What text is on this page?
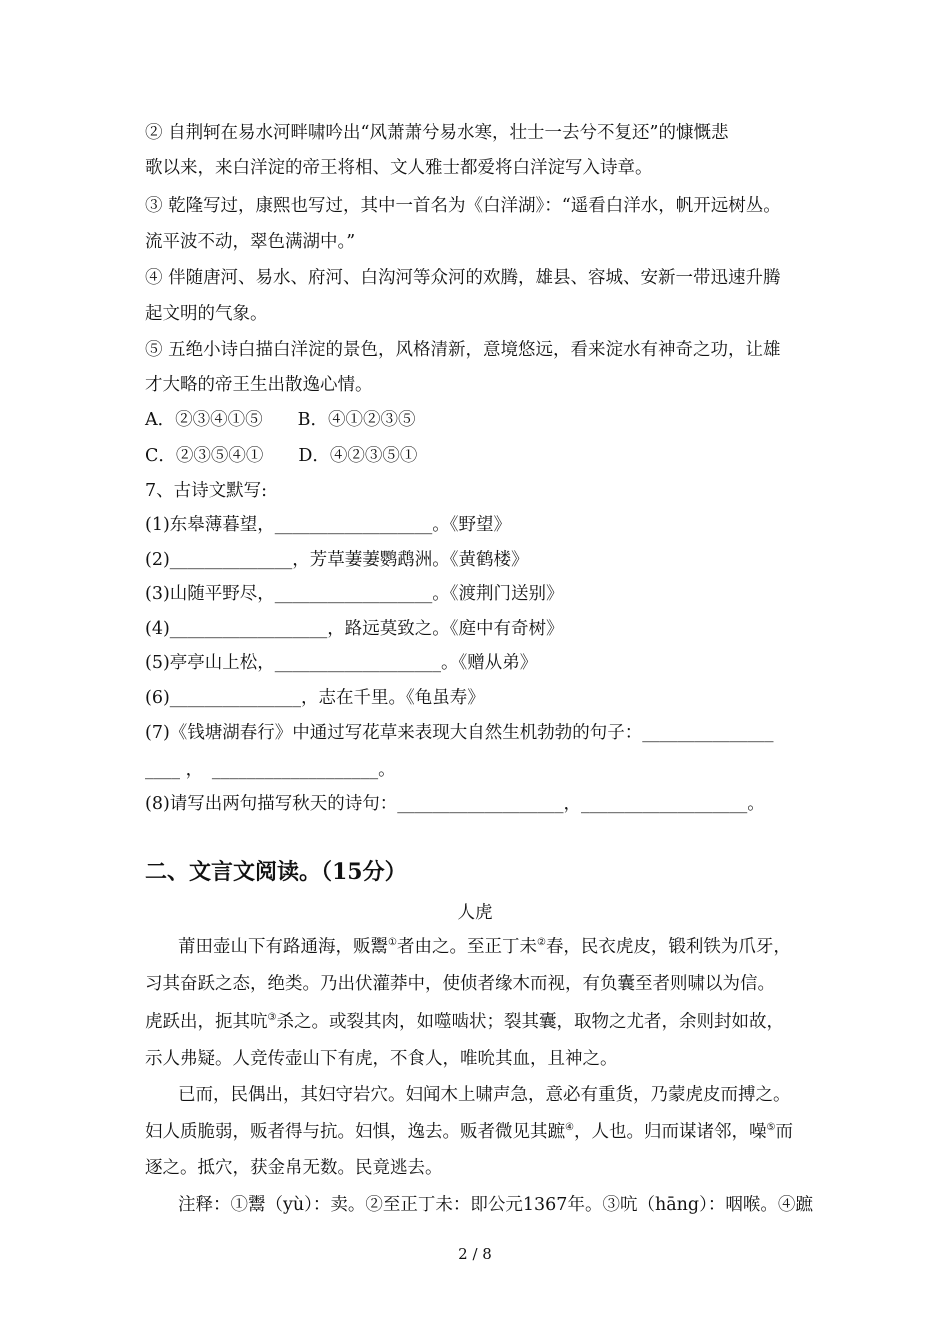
② 自荆轲在易水河畔啸吟出“风萧萧兮易水寒，壮士一去兮不复还”的慷慨悲
歌以来，来白洋淀的帝王将相、文人雅士都爱将白洋淀写入诗章。
③ 乾隆写过，康熙也写过，其中一首名为《白洋湖》：“遥看白洋水，帆开远树丛。
流平波不动，翠色满湖中。”
④ 伴随唐河、易水、府河、白沟河等众河的欢腾，雄县、容城、安新一带迅速升腾
起文明的气象。
⑤ 五绝小诗白描白洋淀的景色，风格清新，意境悠远，看来淀水有神奇之功，让雄
才大略的帝王生出散逸心情。
A．②③④①⑤　　B．④①②③⑤
C．②③⑤④①　　D．④②③⑤①
7、古诗文默写:
(1)东皋薄暮望，__________________。《野望》
(2)______________，芳草萋萋鹦鹉洲。《黄鹤楼》
(3)山随平野尽，__________________。《渡荆门送别》
(4)__________________，路远莫致之。《庭中有奇树》
(5)亭亭山上松，___________________。《赠从弟》
(6)_______________，志在千里。《龟虽寿》
(7)《钱塘湖春行》中通过写花草来表现大自然生机勃勃的句子：_______________
____ ，　___________________。
(8)请写出两句描写秋天的诗句：___________________，___________________。
二、文言文阅读。（15分）
人虎
莆田壶山下有路通海，贩鬻①者由之。至正丁未②春，民衣虎皮，锻利铁为爪牙，
习其奋跃之态，绝类。乃出伏灌莽中，使侦者缘木而视，有负囊至者则啸以为信。
虎跃出，扼其吭③杀之。或裂其肉，如噬啮状；裂其囊，取物之尤者，余则封如故，
示人弗疑。人竞传壶山下有虎，不食人，唯吮其血，且神之。
已而，民偶出，其妇守岩穴。妇闻木上啸声急，意必有重货，乃蒙虎皮而搏之。
妇人质脆弱，贩者得与抗。妇惧，逸去。贩者微见其蹠④，人也。归而谋诸邻，噪⑤而
逐之。抵穴，获金帛无数。民竟逃去。
注释：①鬻（yù）：卖。②至正丁未：即公元1367年。③吭（hāng）：咽喉。④蹠
2 / 8
